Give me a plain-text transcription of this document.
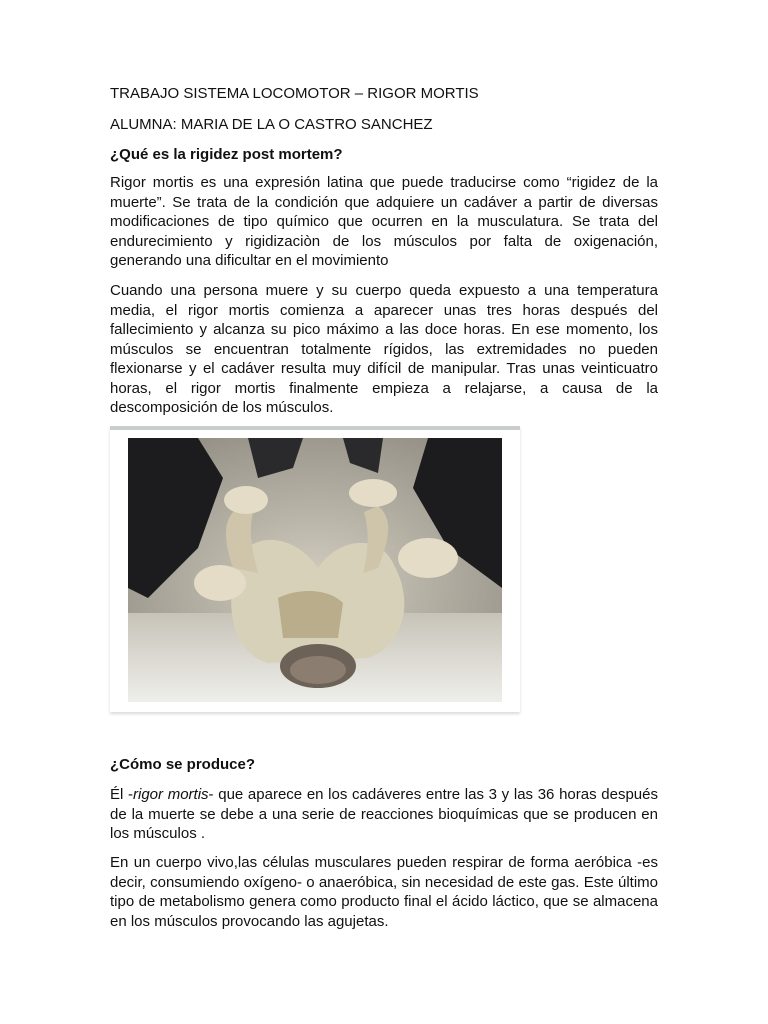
TRABAJO SISTEMA LOCOMOTOR – RIGOR MORTIS

ALUMNA: MARIA DE LA O CASTRO SANCHEZ

¿Qué es la rigidez post mortem?

Rigor mortis es una expresión latina que puede traducirse como “rigidez de la muerte”. Se trata de la condición que adquiere un cadáver a partir de diversas modificaciones de tipo químico que ocurren en la musculatura. Se trata del endurecimiento y rigidizaciòn de los músculos por falta de oxigenación, generando una dificultar en el movimiento

Cuando una persona muere y su cuerpo queda expuesto a una temperatura media, el rigor mortis comienza a aparecer unas tres horas después del fallecimiento y alcanza su pico máximo a las doce horas. En ese momento, los músculos se encuentran totalmente rígidos, las extremidades no pueden flexionarse y el cadáver resulta muy difícil de manipular. Tras unas veinticuatro horas, el rigor mortis finalmente empieza a relajarse, a causa de la descomposición de los músculos.

¿Cómo se produce?

Él -rigor mortis- que aparece en los cadáveres entre las 3 y las 36 horas después de la muerte se debe a una serie de reacciones bioquímicas que se producen en los músculos .

En un cuerpo vivo,las células musculares pueden respirar de forma aeróbica -es decir, consumiendo oxígeno- o anaeróbica, sin necesidad de este gas. Este último tipo de metabolismo genera como producto final el ácido láctico, que se almacena en los músculos provocando las agujetas.
